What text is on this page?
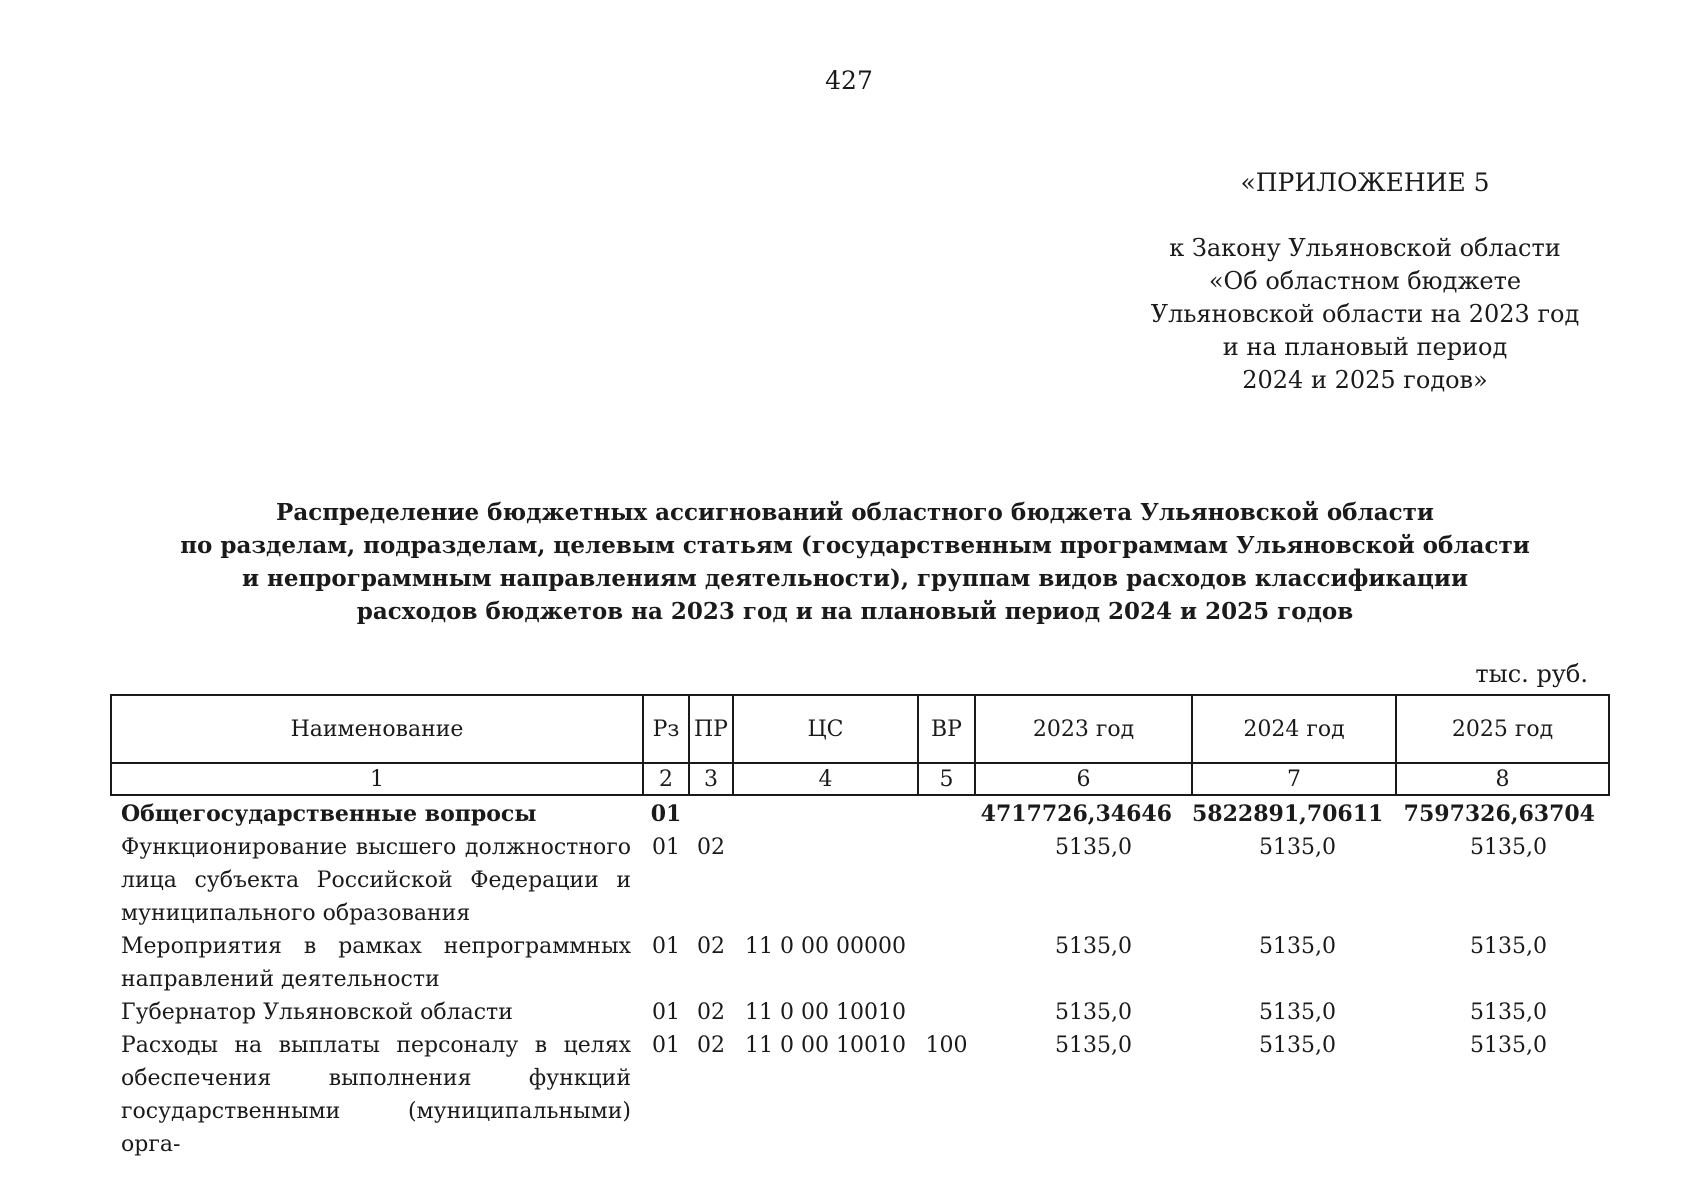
427
«ПРИЛОЖЕНИЕ 5
к Закону Ульяновской области
«Об областном бюджете
Ульяновской области на 2023 год
и на плановый период
2024 и 2025 годов»
Распределение бюджетных ассигнований областного бюджета Ульяновской области
по разделам, подразделам, целевым статьям (государственным программам Ульяновской области
и непрограммным направлениям деятельности), группам видов расходов классификации
расходов бюджетов на 2023 год и на плановый период 2024 и 2025 годов
тыс. руб.
Наименование	Рз	ПР	ЦС	ВР	2023 год	2024 год	2025 год
1	2	3	4	5	6	7	8
Общегосударственные вопросы	01				4717726,34646	5822891,70611	7597326,63704
Функционирование высшего должностного лица субъекта Российской Федерации и муниципального образования	01	02			5135,0	5135,0	5135,0
Мероприятия в рамках непрограммных направлений деятельности	01	02	11 0 00 00000		5135,0	5135,0	5135,0
Губернатор Ульяновской области	01	02	11 0 00 10010		5135,0	5135,0	5135,0
Расходы на выплаты персоналу в целях обеспечения выполнения функций государственными (муниципальными) орга-	01	02	11 0 00 10010	100	5135,0	5135,0	5135,0
